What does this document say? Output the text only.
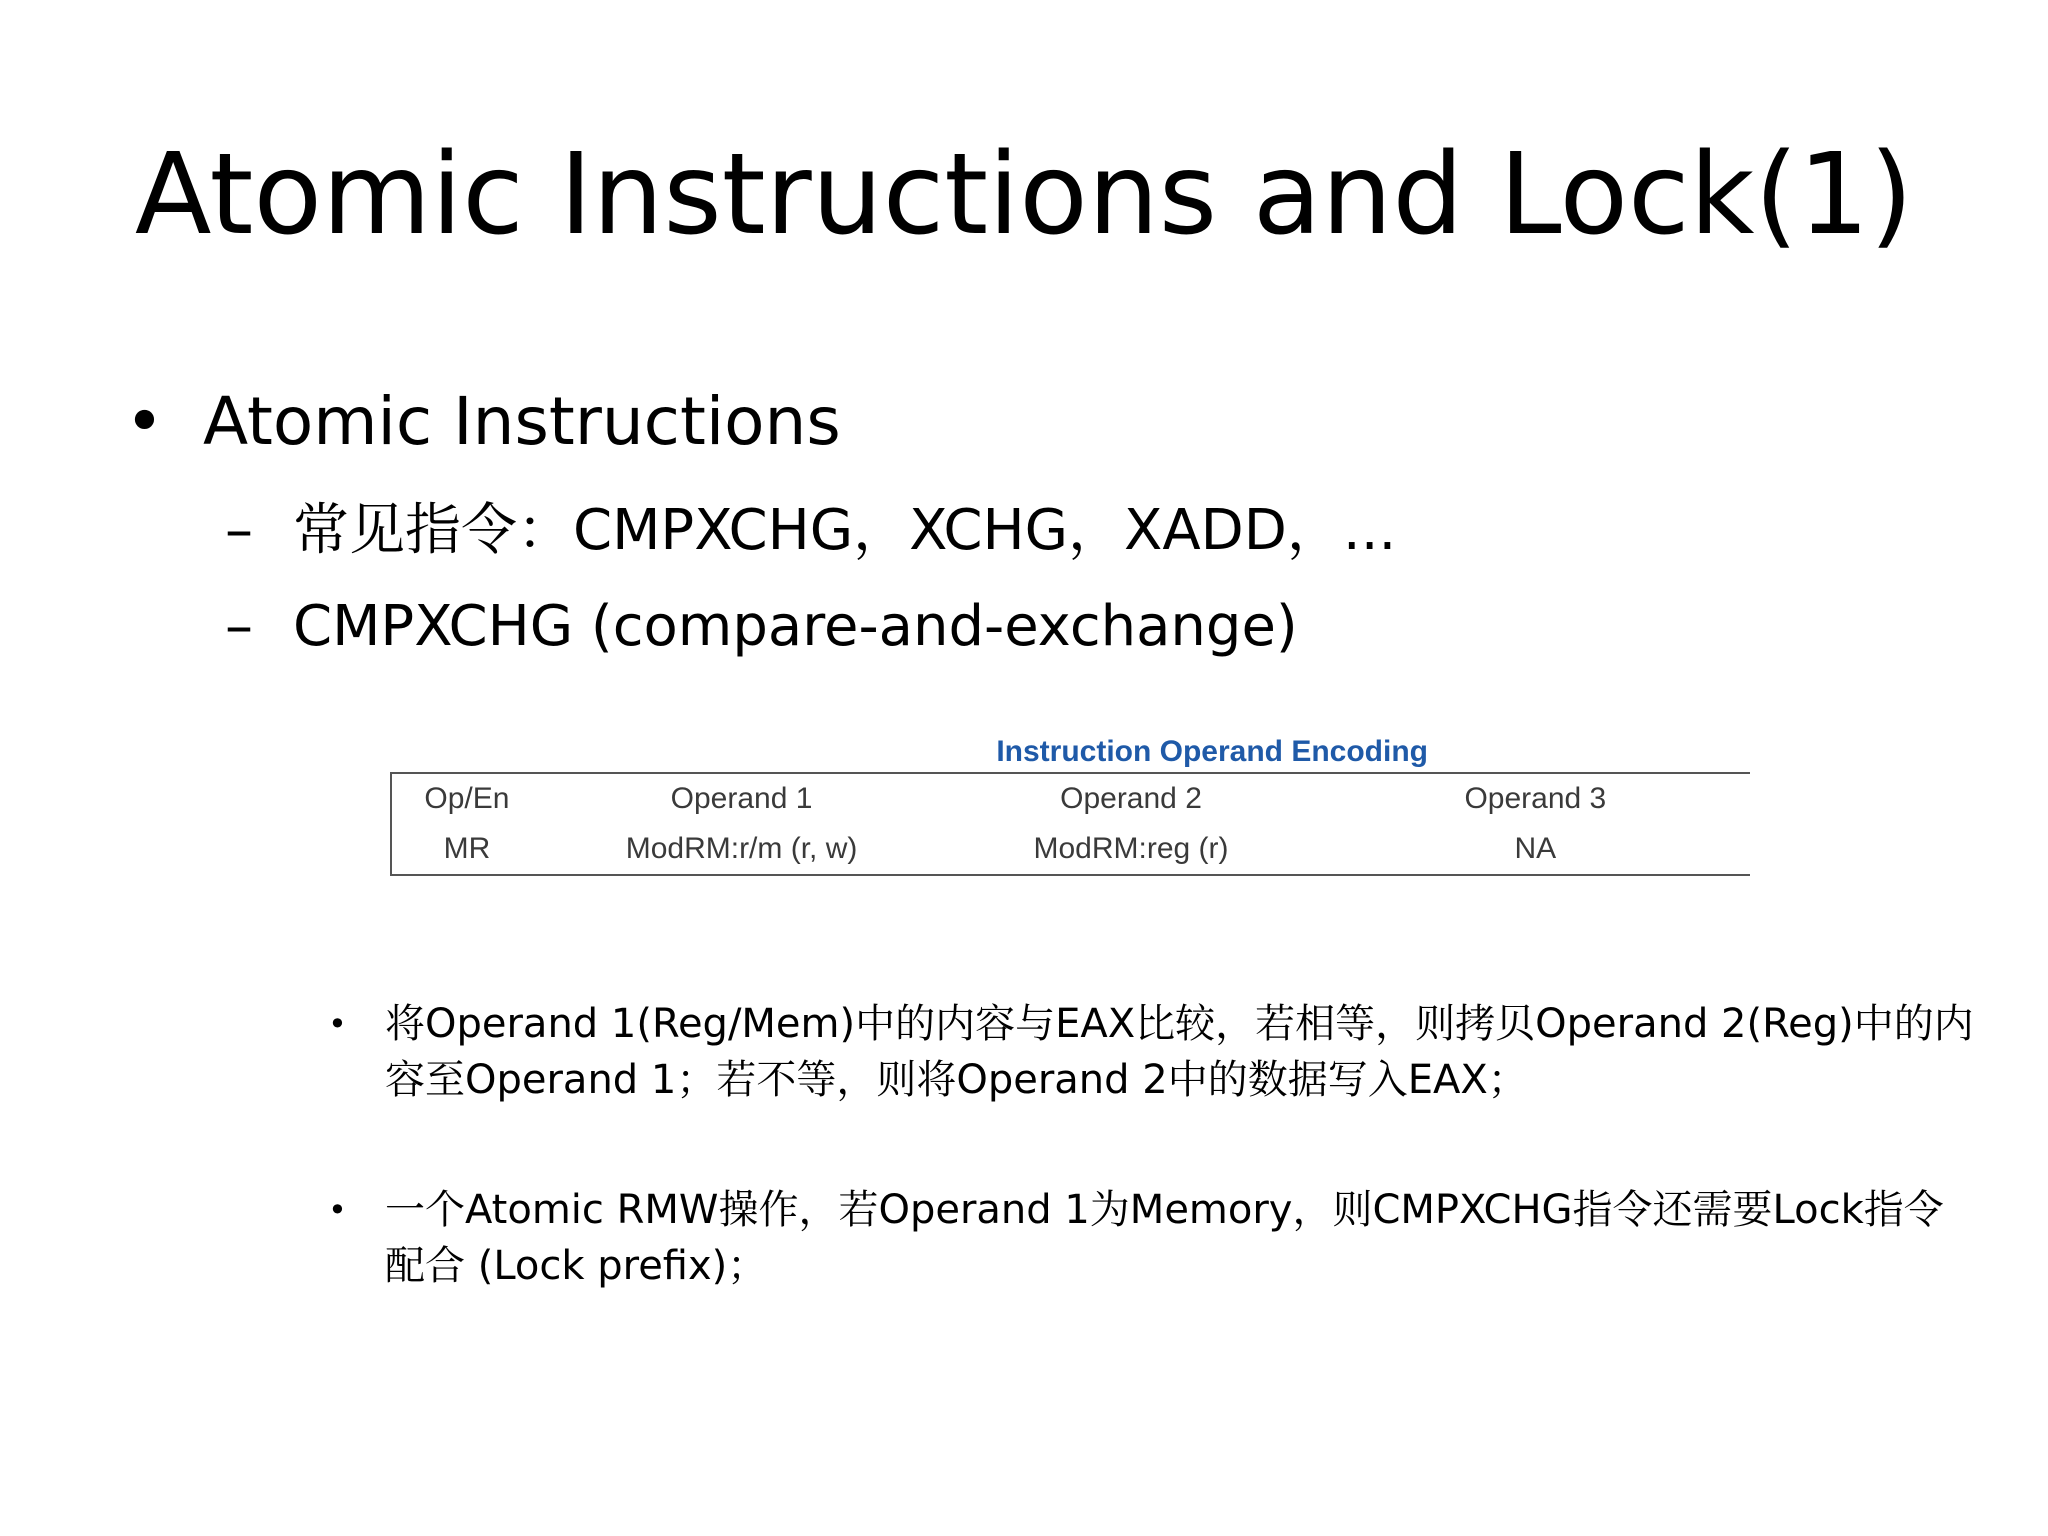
Atomic Instructions and Lock(1)
• Atomic Instructions
– 常见指令：CMPXCHG，XCHG，XADD，...
– CMPXCHG (compare-and-exchange)
Instruction Operand Encoding
Op/En	Operand 1	Operand 2	Operand 3
MR	ModRM:r/m (r, w)	ModRM:reg (r)	NA
• 将Operand 1(Reg/Mem)中的内容与EAX比较，若相等，则拷贝Operand 2(Reg)中的内容至Operand 1；若不等，则将Operand 2中的数据写入EAX；
• 一个Atomic RMW操作，若Operand 1为Memory，则CMPXCHG指令还需要Lock指令配合 (Lock prefix)；
